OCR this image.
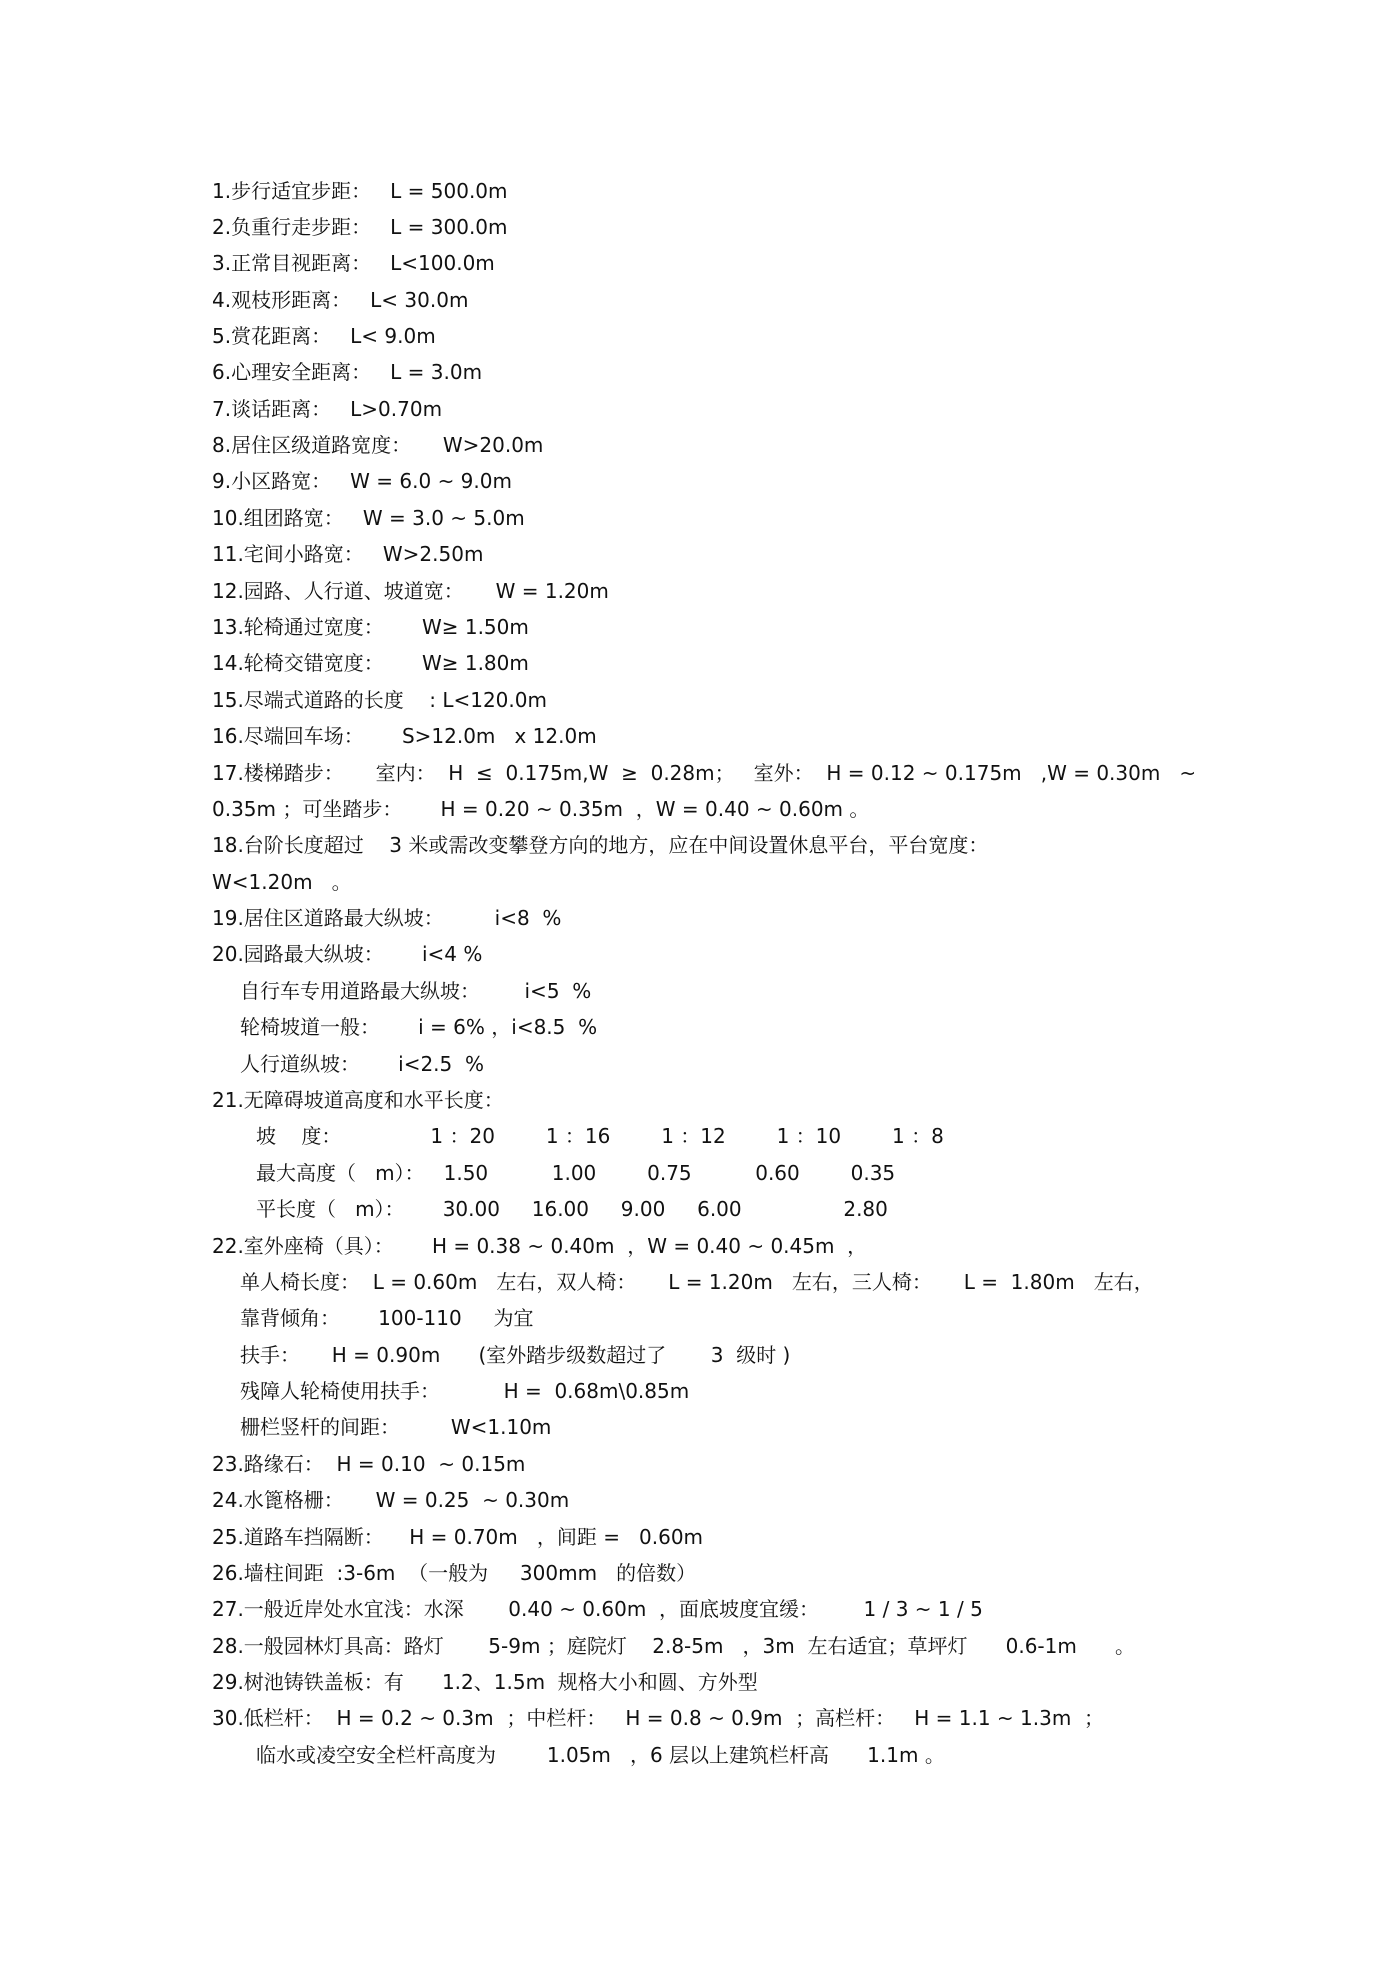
1.步行适宜步距：   L = 500.0m
2.负重行走步距：   L = 300.0m
3.正常目视距离：   L<100.0m
4.观枝形距离：   L< 30.0m
5.赏花距离：   L< 9.0m
6.心理安全距离：   L = 3.0m
7.谈话距离：   L>0.70m
8.居住区级道路宽度：     W>20.0m
9.小区路宽：   W = 6.0 ~ 9.0m
10.组团路宽：   W = 3.0 ~ 5.0m
11.宅间小路宽：   W>2.50m
12.园路、人行道、坡道宽：     W = 1.20m
13.轮椅通过宽度：      W≥ 1.50m
14.轮椅交错宽度：      W≥ 1.80m
15.尽端式道路的长度    : L<120.0m
16.尽端回车场：      S>12.0m   x 12.0m
17.楼梯踏步：     室内：  H  ≤  0.175m,W  ≥  0.28m；   室外：  H = 0.12 ~ 0.175m   ,W = 0.30m   ~
0.35m ；可坐踏步：      H = 0.20 ~ 0.35m  ，W = 0.40 ~ 0.60m 。
18.台阶长度超过    3 米或需改变攀登方向的地方，应在中间设置休息平台，平台宽度：
W<1.20m   。
19.居住区道路最大纵坡：        i<8  %
20.园路最大纵坡：      i<4 %
自行车专用道路最大纵坡：       i<5  %
轮椅坡道一般：      i = 6% ，i<8.5  %
人行道纵坡：      i<2.5  %
21.无障碍坡道高度和水平长度：
坡    度：              1 ：20        1 ：16        1 ：12        1 ：10        1 ：8
最大高度（   m）：   1.50          1.00        0.75          0.60        0.35
平长度（   m）：      30.00     16.00     9.00     6.00                2.80
22.室外座椅（具）：      H = 0.38 ~ 0.40m  ，W = 0.40 ~ 0.45m  ，
单人椅长度：  L = 0.60m   左右，双人椅：     L = 1.20m   左右，三人椅：     L =  1.80m   左右，
靠背倾角：      100-110     为宜
扶手：     H = 0.90m      (室外踏步级数超过了       3  级时 )
残障人轮椅使用扶手：          H =  0.68m\0.85m
栅栏竖杆的间距：        W<1.10m
23.路缘石：  H = 0.10  ~ 0.15m
24.水篦格栅：     W = 0.25  ~ 0.30m
25.道路车挡隔断：    H = 0.70m   ，间距 =   0.60m
26.墙柱间距  :3-6m  （一般为     300mm   的倍数）
27.一般近岸处水宜浅：水深       0.40 ~ 0.60m  ，面底坡度宜缓：       1 / 3 ~ 1 / 5
28.一般园林灯具高：路灯       5-9m ；庭院灯    2.8-5m   ，3m  左右适宜；草坪灯      0.6-1m      。
29.树池铸铁盖板：有      1.2、1.5m  规格大小和圆、方外型
30.低栏杆：  H = 0.2 ~ 0.3m  ；中栏杆：   H = 0.8 ~ 0.9m  ；高栏杆：   H = 1.1 ~ 1.3m  ；
临水或凌空安全栏杆高度为        1.05m   ，6 层以上建筑栏杆高      1.1m 。
